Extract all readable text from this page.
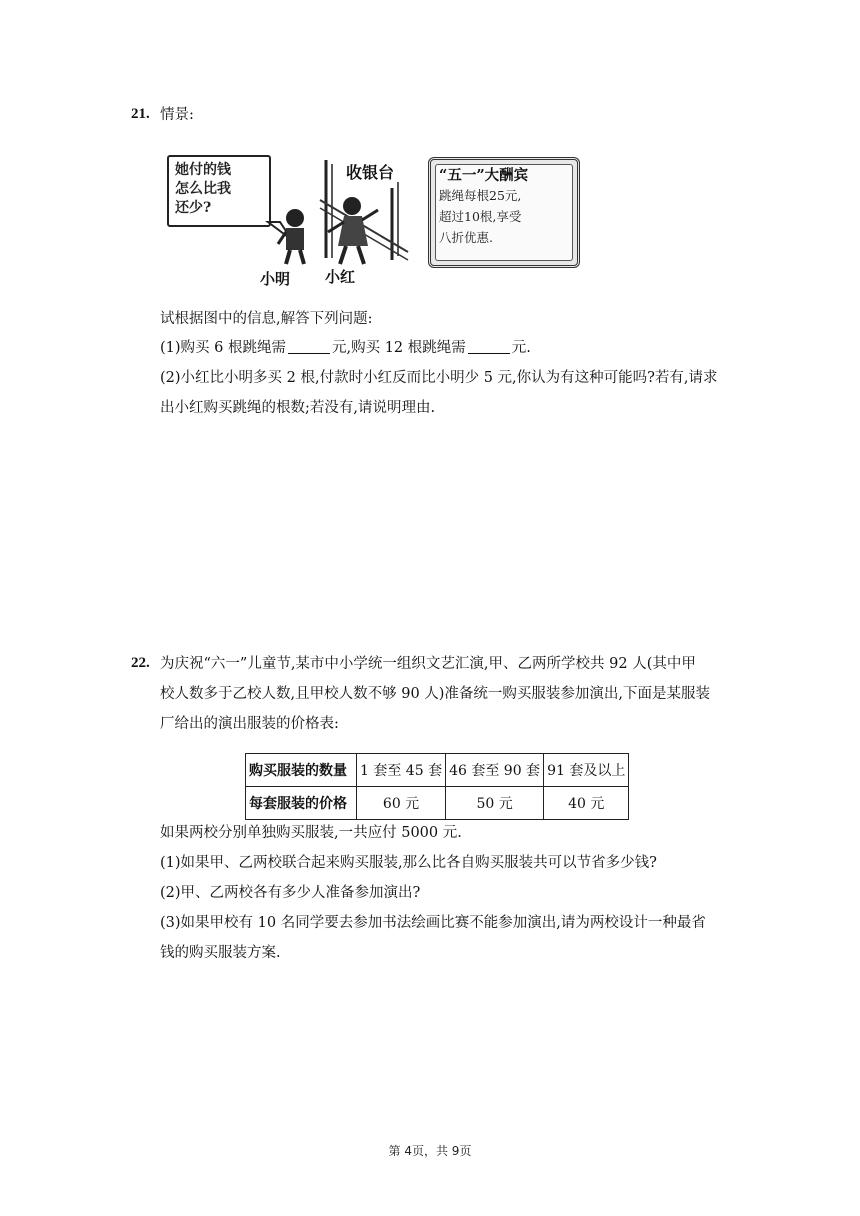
21. 情景:
她付的钱
怎么比我
还少?
收银台
小明 小红
“五一”大酬宾
跳绳每根25元,
超过10根,享受
八折优惠.
试根据图中的信息,解答下列问题:
(1)购买 6 根跳绳需	元,购买 12 根跳绳需	元.
(2)小红比小明多买 2 根,付款时小红反而比小明少 5 元,你认为有这种可能吗?若有,请求
出小红购买跳绳的根数;若没有,请说明理由.
22. 为庆祝“六一”儿童节,某市中小学统一组织文艺汇演,甲、乙两所学校共 92 人(其中甲
校人数多于乙校人数,且甲校人数不够 90 人)准备统一购买服装参加演出,下面是某服装
厂给出的演出服装的价格表:
购买服装的数量	1 套至 45 套	46 套至 90 套	91 套及以上
每套服装的价格	60 元	50 元	40 元
如果两校分别单独购买服装,一共应付 5000 元.
(1)如果甲、乙两校联合起来购买服装,那么比各自购买服装共可以节省多少钱?
(2)甲、乙两校各有多少人准备参加演出?
(3)如果甲校有 10 名同学要去参加书法绘画比赛不能参加演出,请为两校设计一种最省
钱的购买服装方案.
第 4页，共 9页
